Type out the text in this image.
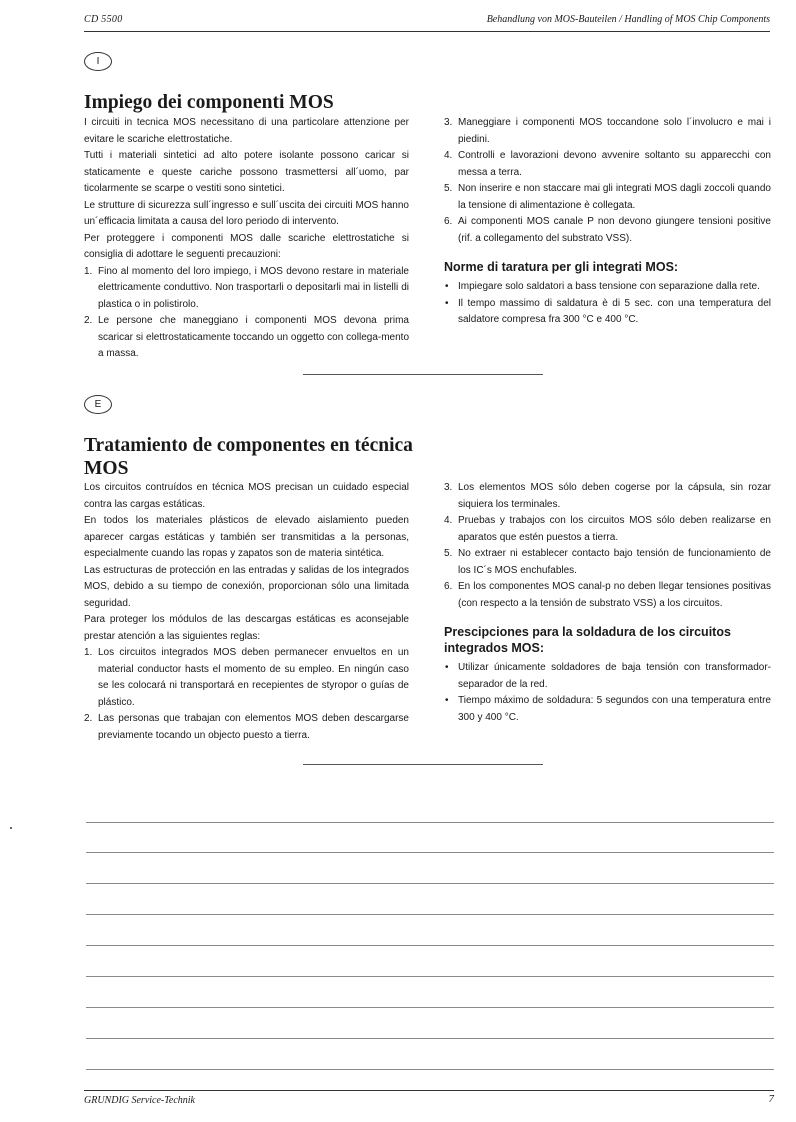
CD 5500	Behandlung von MOS-Bauteilen / Handling of MOS Chip Components
I
Impiego dei componenti MOS

I circuiti in tecnica MOS necessitano di una particolare attenzione per evitare le scariche elettrostatiche.

Tutti i materiali sintetici ad alto potere isolante possono caricar si staticamente e queste cariche possono trasmettersi all´uomo, par ticolarmente se scarpe o vestiti sono sintetici.

Le strutture di sicurezza sull´ingresso e sull´uscita dei circuiti MOS hanno un´efficacia limitata a causa del loro periodo di intervento.

Per proteggere i componenti MOS dalle scariche elettrostatiche si consiglia di adottare le seguenti precauzioni:

1. Fino al momento del loro impiego, i MOS devono restare in materiale elettricamente conduttivo. Non trasportarli o depositarli mai in listelli di plastica o in polistirolo.
2. Le persone che maneggiano i componenti MOS devona prima scaricar si elettrostaticamente toccando un oggetto con collega-mento a massa.
3. Maneggiare i componenti MOS toccandone solo l´involucro e mai i piedini.
4. Controlli e lavorazioni devono avvenire soltanto su apparecchi con messa a terra.
5. Non inserire e non staccare mai gli integrati MOS dagli zoccoli quando la tensione di alimentazione è collegata.
6. Ai componenti MOS canale P non devono giungere tensioni positive (rif. a collegamento del substrato VSS).
Norme di taratura per gli integrati MOS:
• Impiegare solo saldatori a bass tensione con separazione dalla rete.
• Il tempo massimo di saldatura è di 5 sec. con una temperatura del saldatore compresa fra 300 °C e 400 °C.
E
Tratamiento de componentes en técnica MOS

Los circuitos contruídos en técnica MOS precisan un cuidado especial contra las cargas estáticas.

En todos los materiales plásticos de elevado aislamiento pueden aparecer cargas estáticas y también ser transmitidas a la personas, especialmente cuando las ropas y zapatos son de materia sintética.

Las estructuras de protección en las entradas y salidas de los integrados MOS, debido a su tiempo de conexión, proporcionan sólo una limitada seguridad.

Para proteger los módulos de las descargas estáticas es aconsejable prestar atención a las siguientes reglas:

1. Los circuitos integrados MOS deben permanecer envueltos en un material conductor hasts el momento de su empleo. En ningún caso se les colocará ni transportará en recepientes de styropor o guías de plástico.
2. Las personas que trabajan con elementos MOS deben descargarse previamente tocando un objecto puesto a tierra.
3. Los elementos MOS sólo deben cogerse por la cápsula, sin rozar siquiera los terminales.
4. Pruebas y trabajos con los circuitos MOS sólo deben realizarse en aparatos que estén puestos a tierra.
5. No extraer ni establecer contacto bajo tensión de funcionamiento de los IC´s MOS enchufables.
6. En los componentes MOS canal-p no deben llegar tensiones positivas (con respecto a la tensión de substrato VSS) a los circuitos.
Prescipciones para la soldadura de los circuitos integrados MOS:
• Utilizar únicamente soldadores de baja tensión con transformador-separador de la red.
• Tiempo máximo de soldadura: 5 segundos con una temperatura entre 300 y 400 °C.
GRUNDIG Service-Technik	7
